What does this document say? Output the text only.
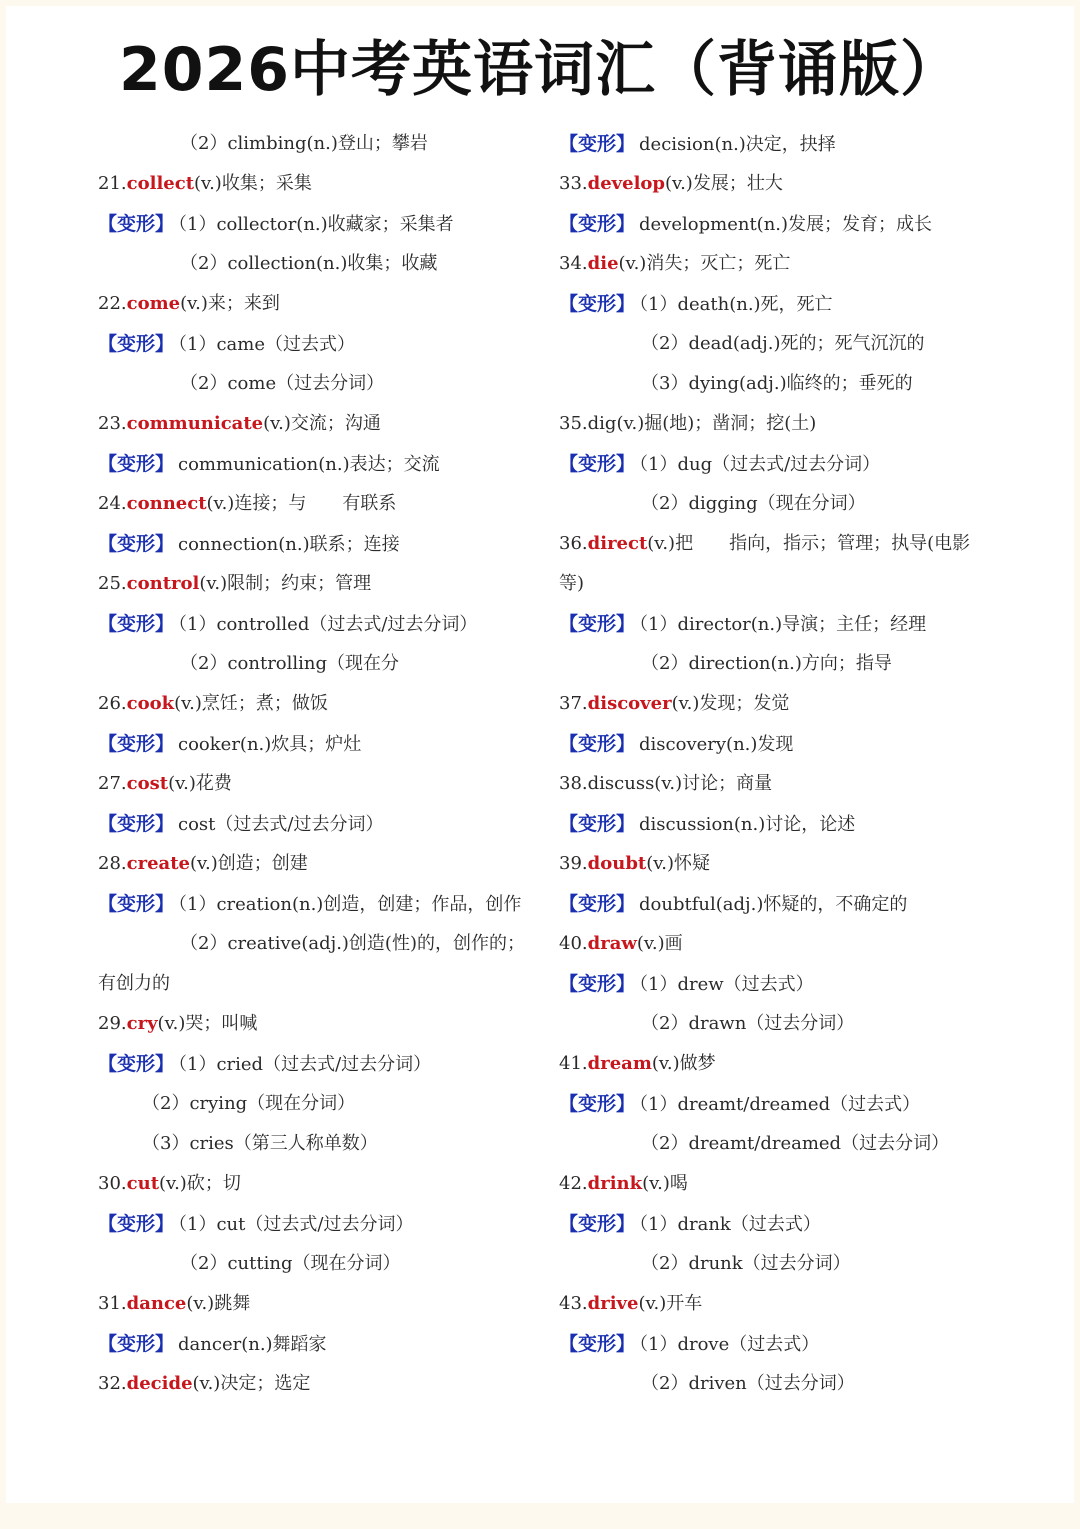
2026中考英语词汇（背诵版）
（2）climbing(n.)登山；攀岩
21.collect(v.)收集；采集
【变形】 （1）collector(n.)收藏家；采集者
（2）collection(n.)收集；收藏
22.come(v.)来；来到
【变形】 （1）came（过去式）
（2）come（过去分词）
23.communicate(v.)交流；沟通
【变形】 communication(n.)表达；交流
24.connect(v.)连接；与　　有联系
【变形】 connection(n.)联系；连接
25.control(v.)限制；约束；管理
【变形】 （1）controlled（过去式/过去分词）
（2）controlling（现在分
26.cook(v.)烹饪；煮；做饭
【变形】 cooker(n.)炊具；炉灶
27.cost(v.)花费
【变形】 cost（过去式/过去分词）
28.create(v.)创造；创建
【变形】 （1）creation(n.)创造，创建；作品，创作
（2）creative(adj.)创造(性)的，创作的；
有创力的
29.cry(v.)哭；叫喊
【变形】 （1）cried（过去式/过去分词）
（2）crying（现在分词）
（3）cries（第三人称单数）
30.cut(v.)砍；切
【变形】 （1）cut（过去式/过去分词）
（2）cutting（现在分词）
31.dance(v.)跳舞
【变形】 dancer(n.)舞蹈家
32.decide(v.)决定；选定
【变形】 decision(n.)决定，抉择
33.develop(v.)发展；壮大
【变形】 development(n.)发展；发育；成长
34.die(v.)消失；灭亡；死亡
【变形】 （1）death(n.)死，死亡
（2）dead(adj.)死的；死气沉沉的
（3）dying(adj.)临终的；垂死的
35.dig(v.)掘(地)；凿洞；挖(土)
【变形】 （1）dug（过去式/过去分词）
（2）digging（现在分词）
36.direct(v.)把　　指向，指示；管理；执导(电影
等)
【变形】 （1）director(n.)导演；主任；经理
（2）direction(n.)方向；指导
37.discover(v.)发现；发觉
【变形】 discovery(n.)发现
38.discuss(v.)讨论；商量
【变形】 discussion(n.)讨论，论述
39.doubt(v.)怀疑
【变形】 doubtful(adj.)怀疑的，不确定的
40.draw(v.)画
【变形】 （1）drew（过去式）
（2）drawn（过去分词）
41.dream(v.)做梦
【变形】 （1）dreamt/dreamed（过去式）
（2）dreamt/dreamed（过去分词）
42.drink(v.)喝
【变形】 （1）drank（过去式）
（2）drunk（过去分词）
43.drive(v.)开车
【变形】 （1）drove（过去式）
（2）driven（过去分词）
